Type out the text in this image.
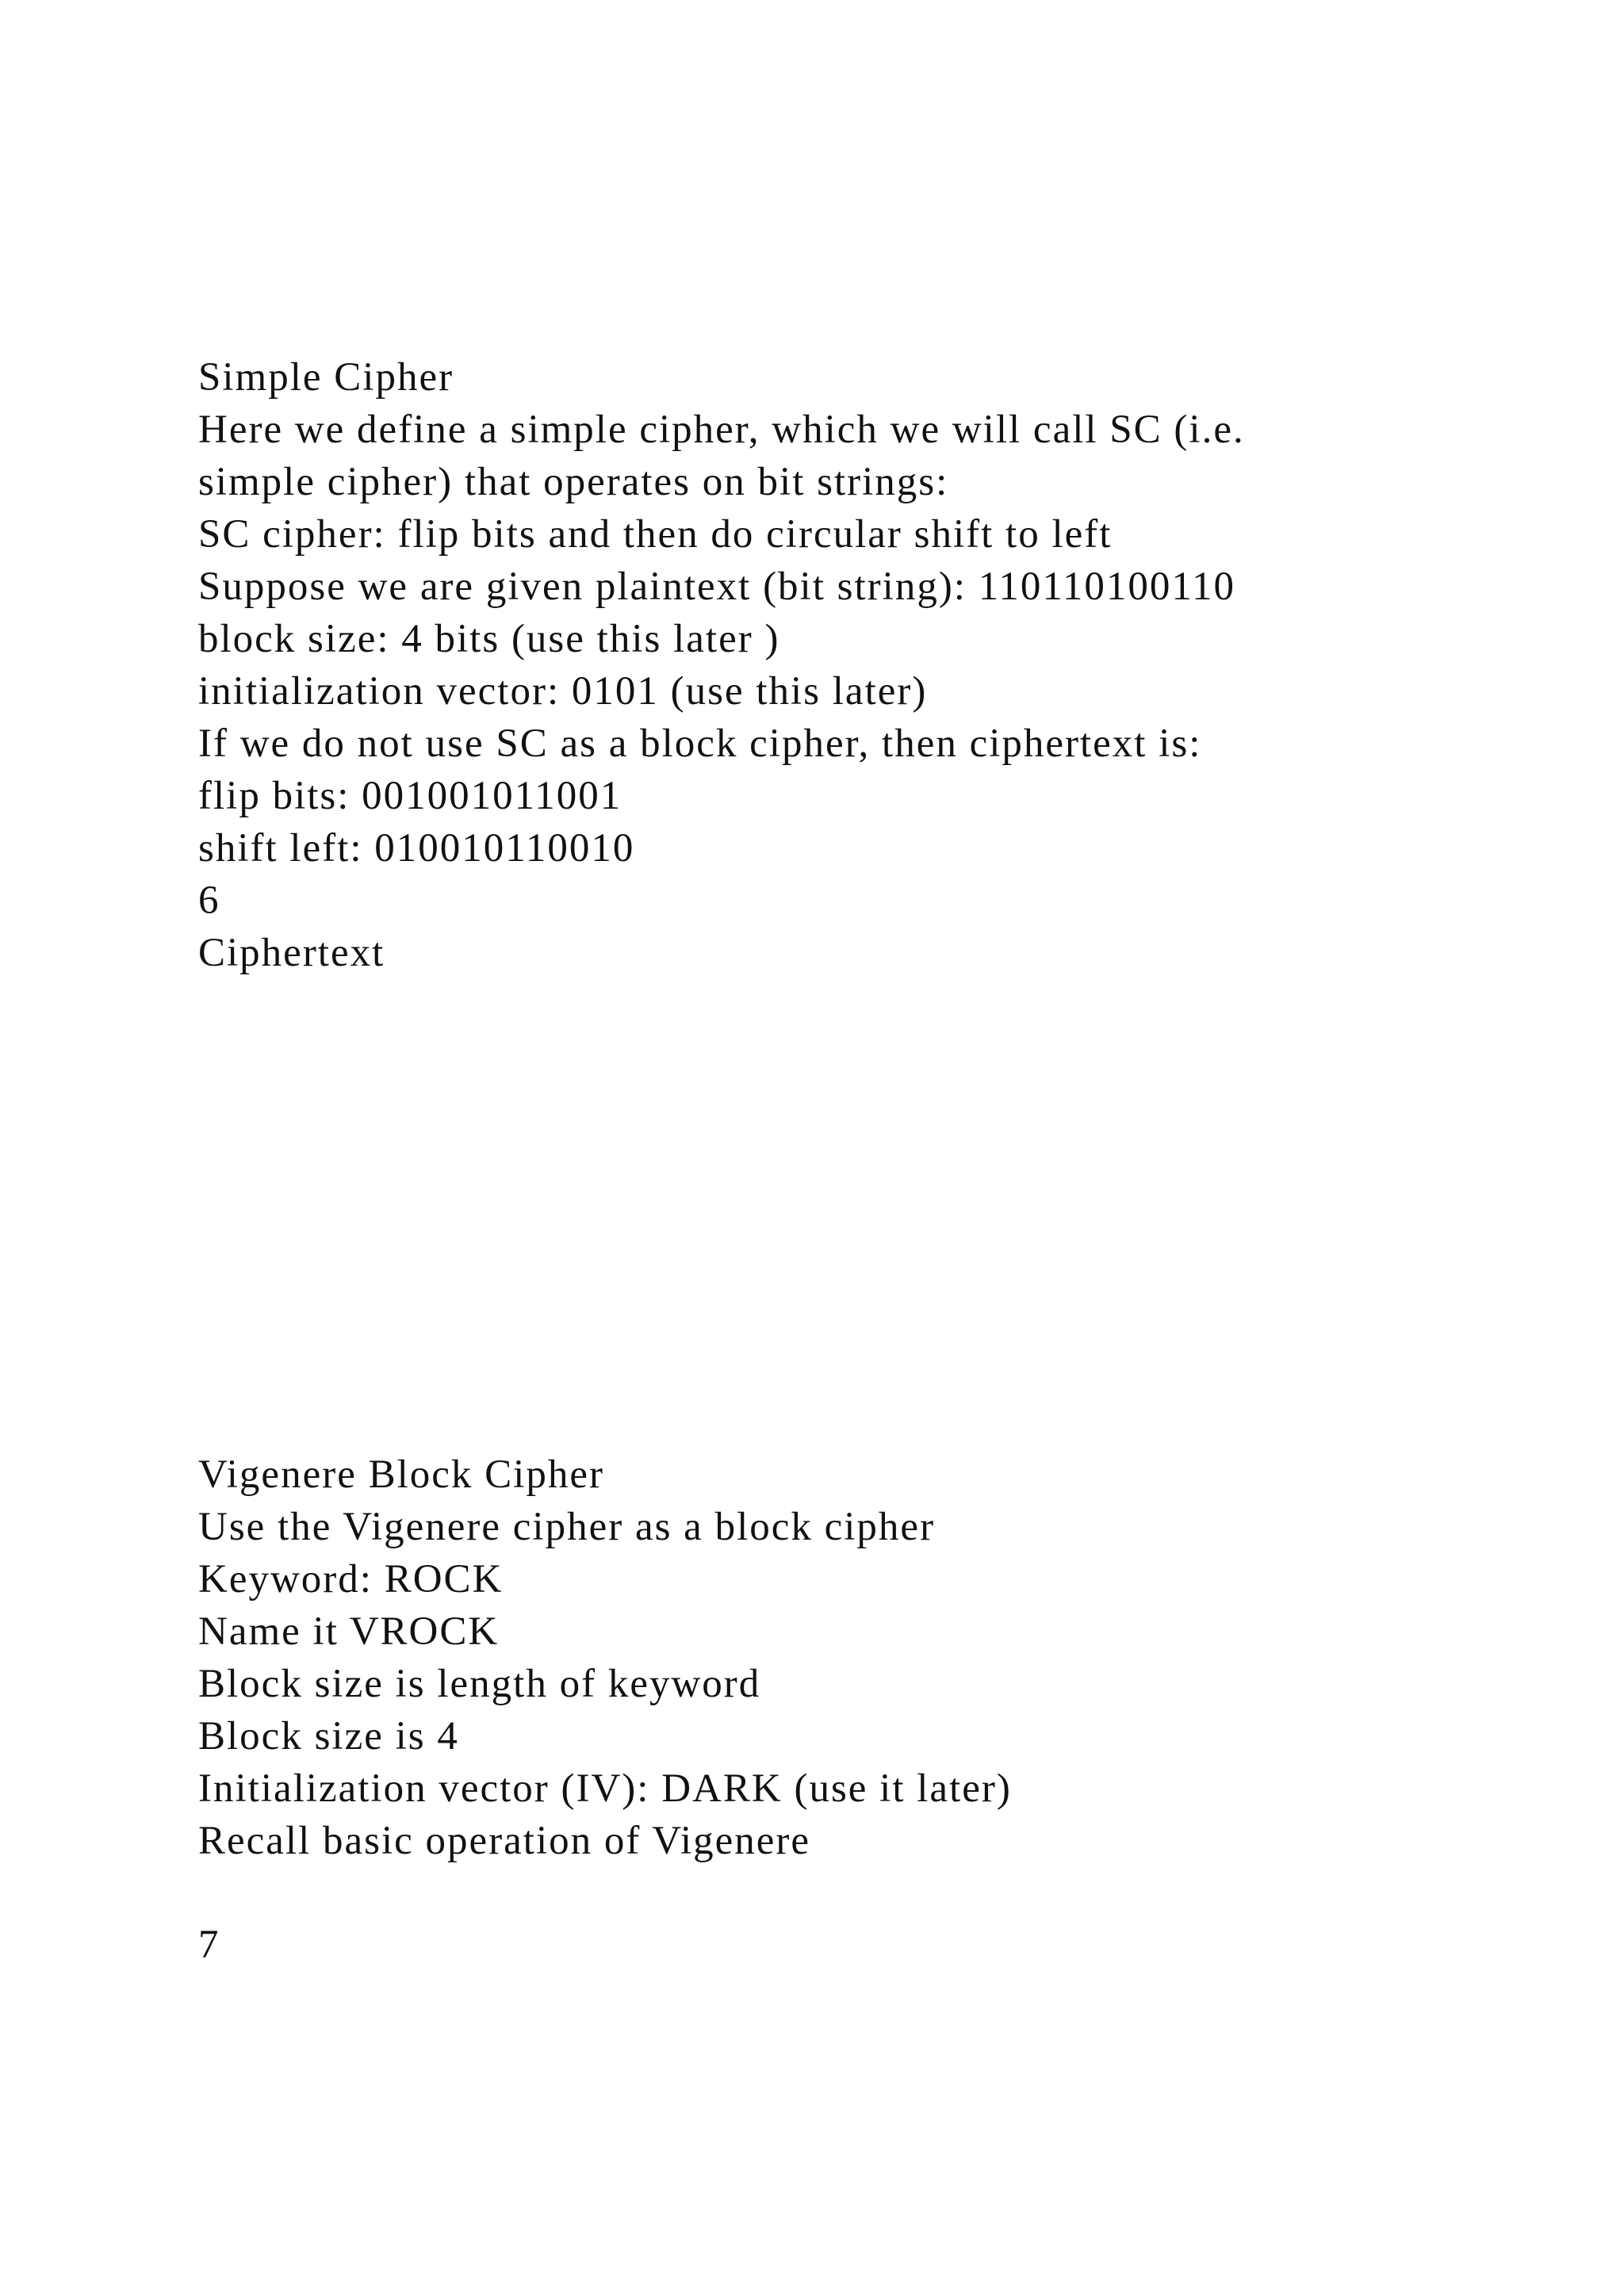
Simple Cipher

Here we define a simple cipher, which we will call SC (i.e.

simple cipher) that operates on bit strings:

SC cipher: flip bits and then do circular shift to left

Suppose we are given plaintext (bit string): 110110100110

block size: 4 bits (use this later )

initialization vector: 0101 (use this later)

If we do not use SC as a block cipher, then ciphertext is:

flip bits: 001001011001

shift left: 010010110010

6

Ciphertext

Vigenere Block Cipher

Use the Vigenere cipher as a block cipher

Keyword: ROCK

Name it VROCK

Block size is length of keyword

Block size is 4

Initialization vector (IV): DARK (use it later)

Recall basic operation of Vigenere

7
